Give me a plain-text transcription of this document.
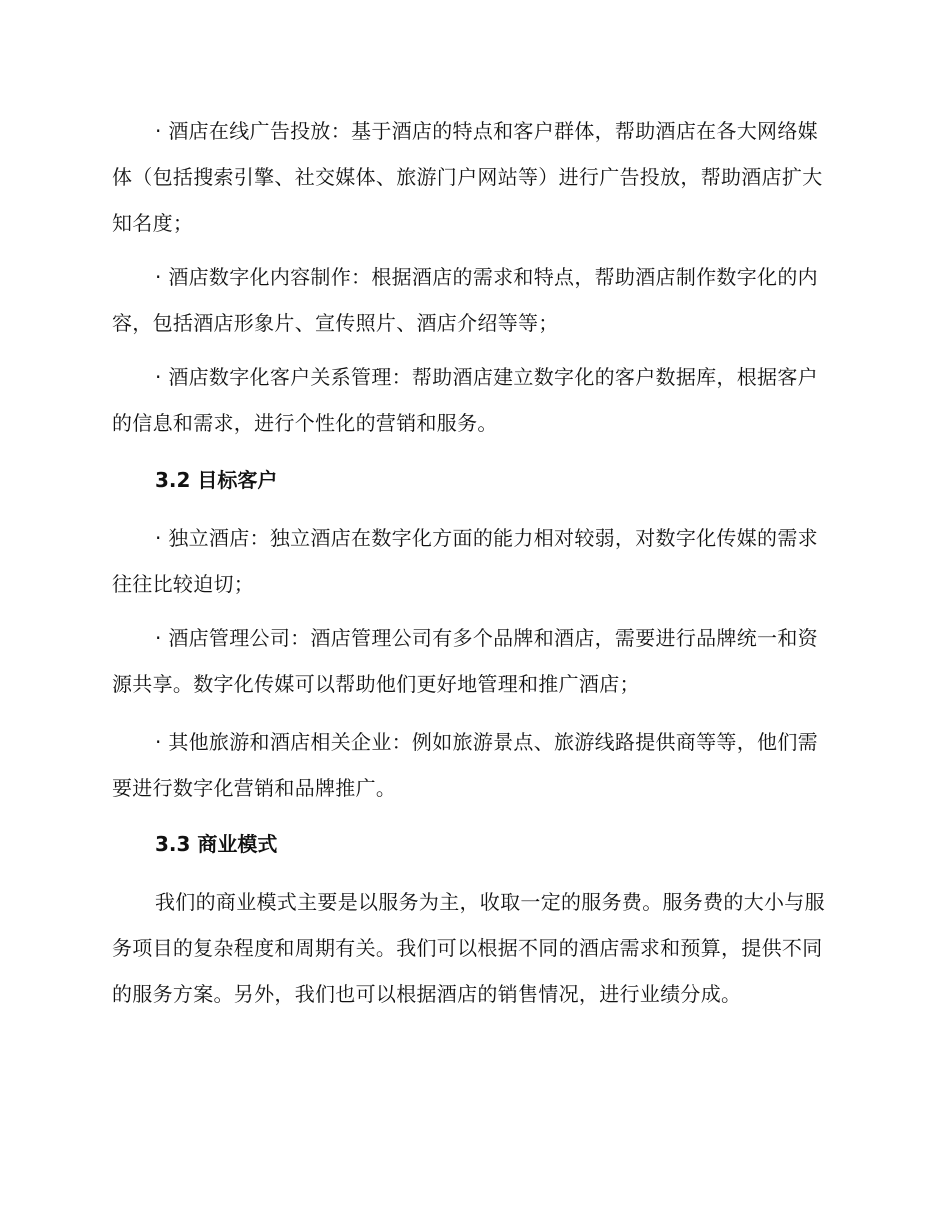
· 酒店在线广告投放：基于酒店的特点和客户群体，帮助酒店在各大网络媒体（包括搜索引擎、社交媒体、旅游门户网站等）进行广告投放，帮助酒店扩大知名度；

· 酒店数字化内容制作：根据酒店的需求和特点，帮助酒店制作数字化的内容，包括酒店形象片、宣传照片、酒店介绍等等；

· 酒店数字化客户关系管理：帮助酒店建立数字化的客户数据库，根据客户的信息和需求，进行个性化的营销和服务。

3.2 目标客户

· 独立酒店：独立酒店在数字化方面的能力相对较弱，对数字化传媒的需求往往比较迫切；

· 酒店管理公司：酒店管理公司有多个品牌和酒店，需要进行品牌统一和资源共享。数字化传媒可以帮助他们更好地管理和推广酒店；

· 其他旅游和酒店相关企业：例如旅游景点、旅游线路提供商等等，他们需要进行数字化营销和品牌推广。

3.3 商业模式

我们的商业模式主要是以服务为主，收取一定的服务费。服务费的大小与服务项目的复杂程度和周期有关。我们可以根据不同的酒店需求和预算，提供不同的服务方案。另外，我们也可以根据酒店的销售情况，进行业绩分成。
